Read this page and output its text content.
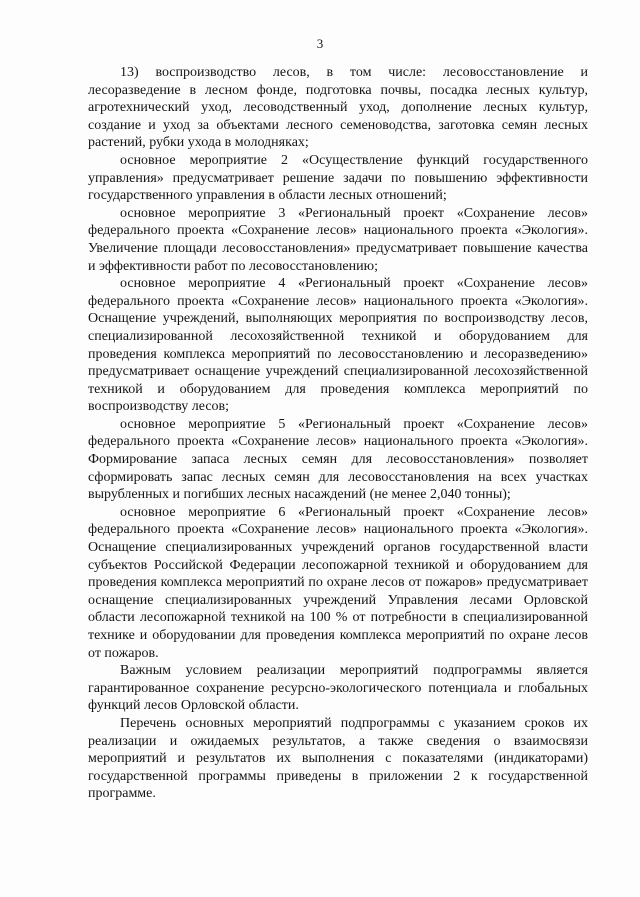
3

13) воспроизводство лесов, в том числе: лесовосстановление и лесоразведение в лесном фонде, подготовка почвы, посадка лесных культур, агротехнический уход, лесоводственный уход, дополнение лесных культур, создание и уход за объектами лесного семеноводства, заготовка семян лесных растений, рубки ухода в молодняках;

основное мероприятие 2 «Осуществление функций государственного управления» предусматривает решение задачи по повышению эффективности государственного управления в области лесных отношений;

основное мероприятие 3 «Региональный проект «Сохранение лесов» федерального проекта «Сохранение лесов» национального проекта «Экология». Увеличение площади лесовосстановления» предусматривает повышение качества и эффективности работ по лесовосстановлению;

основное мероприятие 4 «Региональный проект «Сохранение лесов» федерального проекта «Сохранение лесов» национального проекта «Экология». Оснащение учреждений, выполняющих мероприятия по воспроизводству лесов, специализированной лесохозяйственной техникой и оборудованием для проведения комплекса мероприятий по лесовосстановлению и лесоразведению» предусматривает оснащение учреждений специализированной лесохозяйственной техникой и оборудованием для проведения комплекса мероприятий по воспроизводству лесов;

основное мероприятие 5 «Региональный проект «Сохранение лесов» федерального проекта «Сохранение лесов» национального проекта «Экология». Формирование запаса лесных семян для лесовосстановления» позволяет сформировать запас лесных семян для лесовосстановления на всех участках вырубленных и погибших лесных насаждений (не менее 2,040 тонны);

основное мероприятие 6 «Региональный проект «Сохранение лесов» федерального проекта «Сохранение лесов» национального проекта «Экология». Оснащение специализированных учреждений органов государственной власти субъектов Российской Федерации лесопожарной техникой и оборудованием для проведения комплекса мероприятий по охране лесов от пожаров» предусматривает оснащение специализированных учреждений Управления лесами Орловской области лесопожарной техникой на 100 % от потребности в специализированной технике и оборудовании для проведения комплекса мероприятий по охране лесов от пожаров.

Важным условием реализации мероприятий подпрограммы является гарантированное сохранение ресурсно-экологического потенциала и глобальных функций лесов Орловской области.

Перечень основных мероприятий подпрограммы с указанием сроков их реализации и ожидаемых результатов, а также сведения о взаимосвязи мероприятий и результатов их выполнения с показателями (индикаторами) государственной программы приведены в приложении 2 к государственной программе.
